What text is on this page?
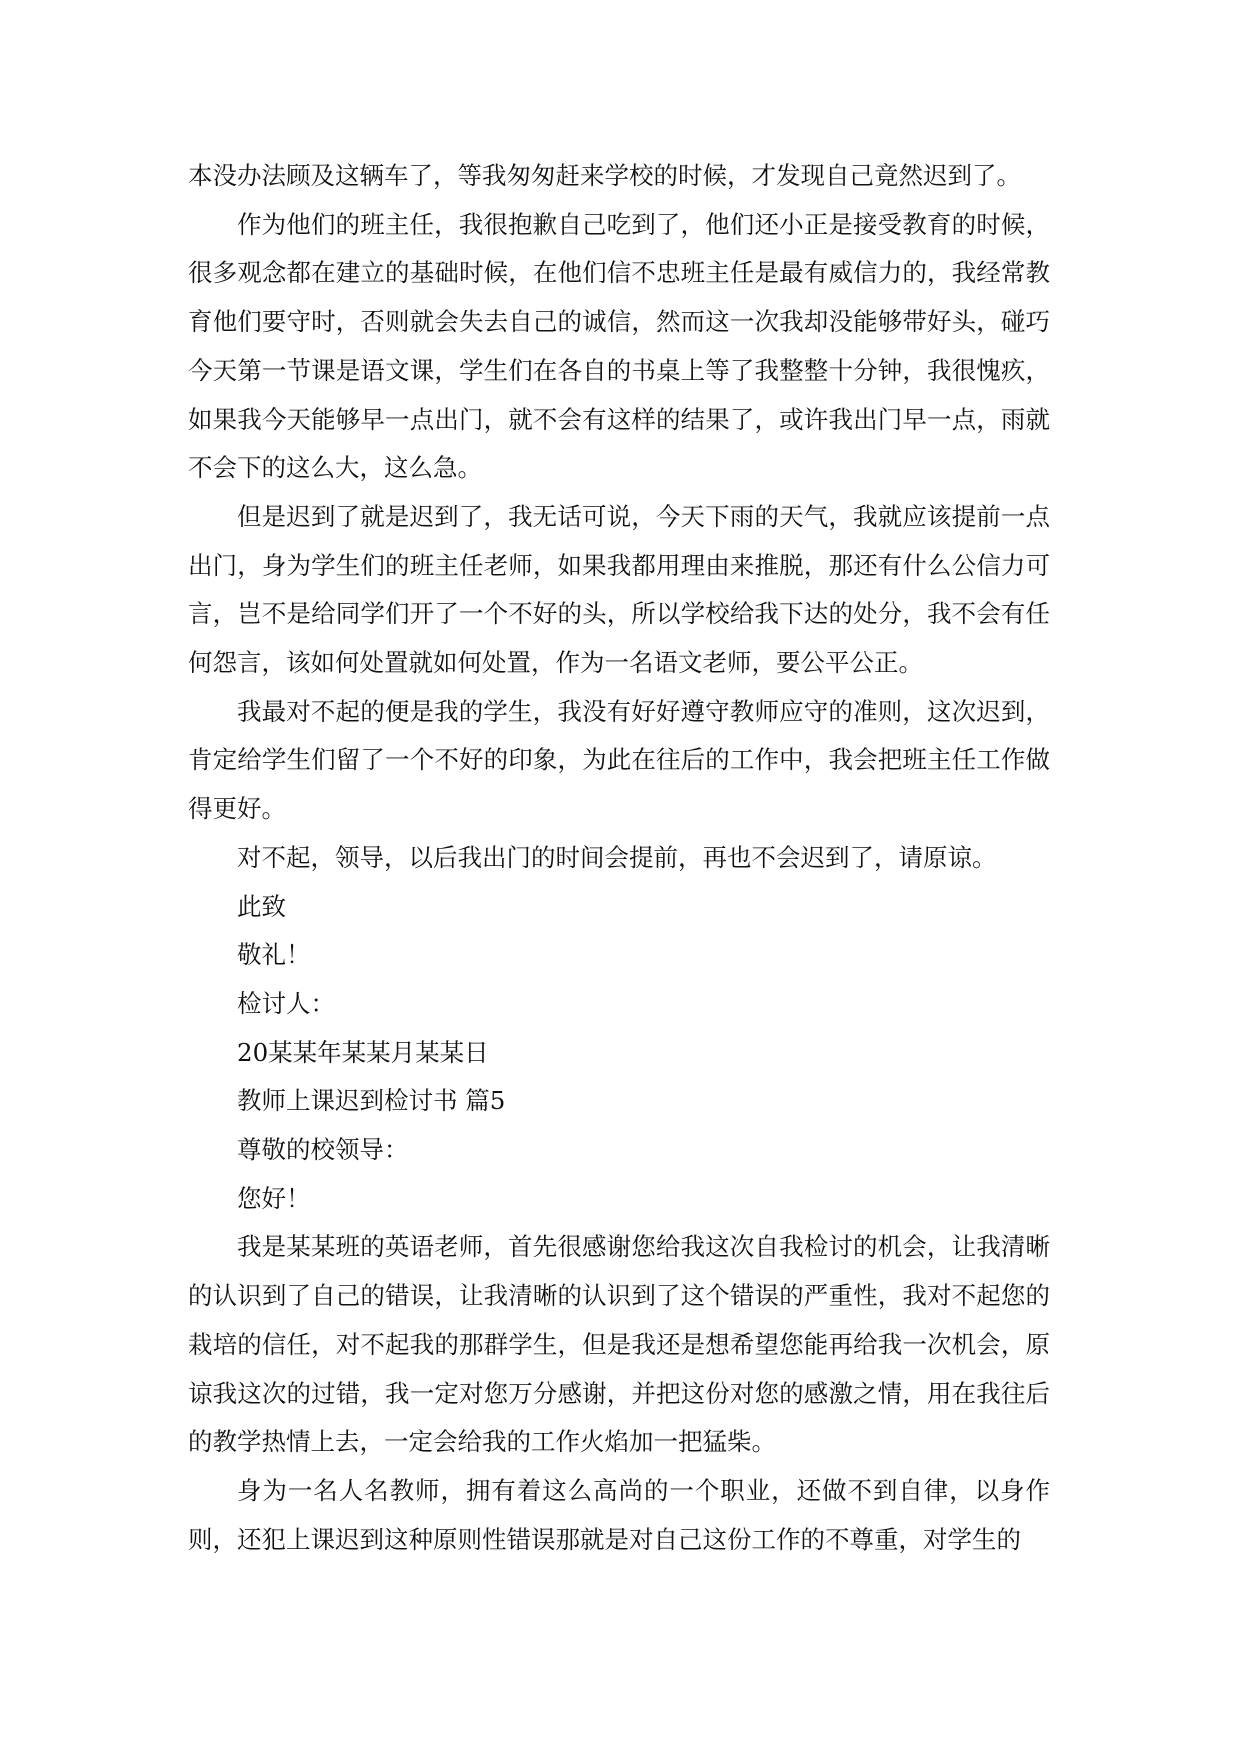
本没办法顾及这辆车了，等我匆匆赶来学校的时候，才发现自己竟然迟到了。

作为他们的班主任，我很抱歉自己吃到了，他们还小正是接受教育的时候，很多观念都在建立的基础时候，在他们信不忠班主任是最有威信力的，我经常教育他们要守时，否则就会失去自己的诚信，然而这一次我却没能够带好头，碰巧今天第一节课是语文课，学生们在各自的书桌上等了我整整十分钟，我很愧疚，如果我今天能够早一点出门，就不会有这样的结果了，或许我出门早一点，雨就不会下的这么大，这么急。

但是迟到了就是迟到了，我无话可说，今天下雨的天气，我就应该提前一点出门，身为学生们的班主任老师，如果我都用理由来推脱，那还有什么公信力可言，岂不是给同学们开了一个不好的头，所以学校给我下达的处分，我不会有任何怨言，该如何处置就如何处置，作为一名语文老师，要公平公正。

我最对不起的便是我的学生，我没有好好遵守教师应守的准则，这次迟到，肯定给学生们留了一个不好的印象，为此在往后的工作中，我会把班主任工作做得更好。

对不起，领导，以后我出门的时间会提前，再也不会迟到了，请原谅。

此致

敬礼！

检讨人：

20某某年某某月某某日

教师上课迟到检讨书 篇5

尊敬的校领导：

您好！

我是某某班的英语老师，首先很感谢您给我这次自我检讨的机会，让我清晰的认识到了自己的错误，让我清晰的认识到了这个错误的严重性，我对不起您的栽培的信任，对不起我的那群学生，但是我还是想希望您能再给我一次机会，原谅我这次的过错，我一定对您万分感谢，并把这份对您的感激之情，用在我往后的教学热情上去，一定会给我的工作火焰加一把猛柴。

身为一名人名教师，拥有着这么高尚的一个职业，还做不到自律，以身作则，还犯上课迟到这种原则性错误那就是对自己这份工作的不尊重，对学生的
